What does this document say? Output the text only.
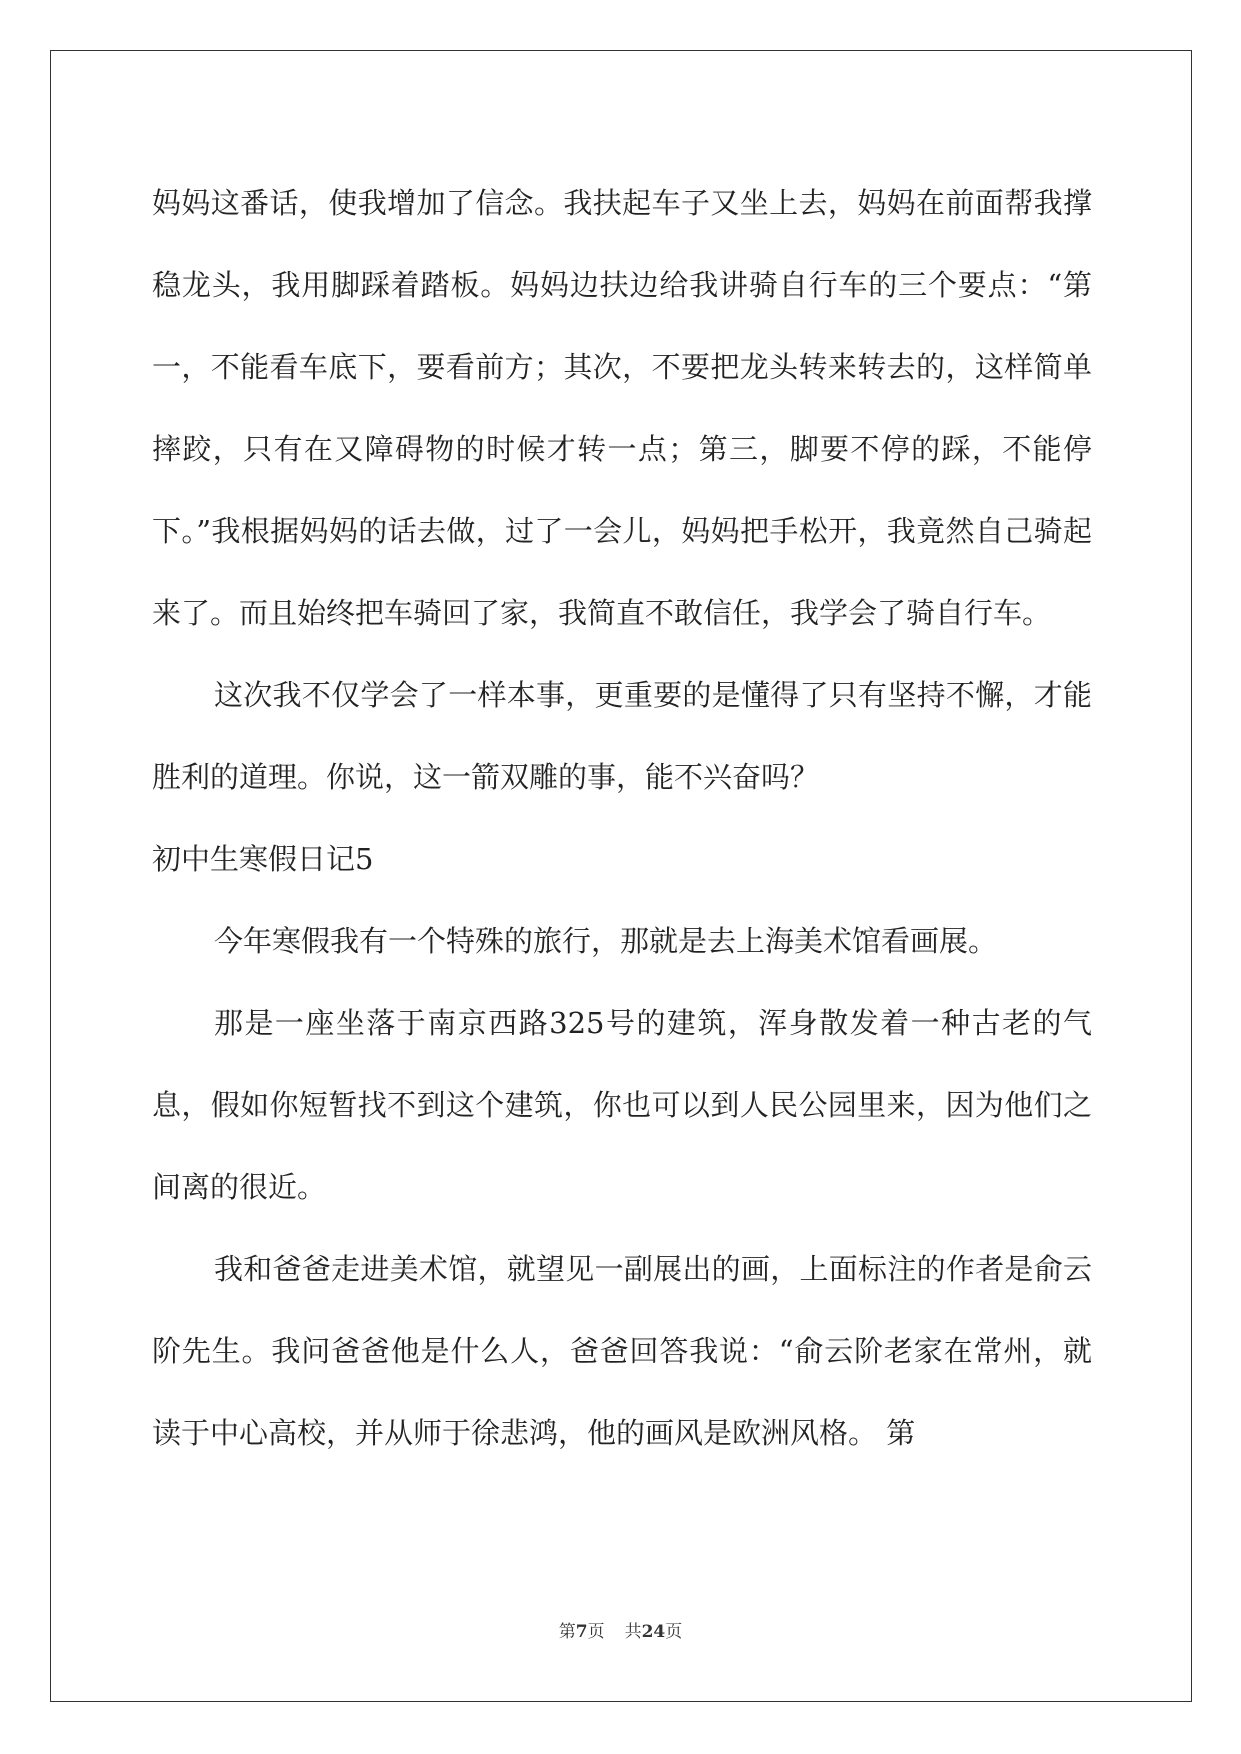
妈妈这番话，使我增加了信念。我扶起车子又坐上去，妈妈在前面帮我撑稳龙头，我用脚踩着踏板。妈妈边扶边给我讲骑自行车的三个要点：“第一，不能看车底下，要看前方；其次，不要把龙头转来转去的，这样简单摔跤，只有在又障碍物的时候才转一点；第三，脚要不停的踩，不能停下。”我根据妈妈的话去做，过了一会儿，妈妈把手松开，我竟然自己骑起来了。而且始终把车骑回了家，我简直不敢信任，我学会了骑自行车。

这次我不仅学会了一样本事，更重要的是懂得了只有坚持不懈，才能胜利的道理。你说，这一箭双雕的事，能不兴奋吗？

初中生寒假日记5

今年寒假我有一个特殊的旅行，那就是去上海美术馆看画展。

那是一座坐落于南京西路325号的建筑，浑身散发着一种古老的气息，假如你短暂找不到这个建筑，你也可以到人民公园里来，因为他们之间离的很近。

我和爸爸走进美术馆，就望见一副展出的画，上面标注的作者是俞云阶先生。我问爸爸他是什么人，爸爸回答我说：“俞云阶老家在常州，就读于中心高校，并从师于徐悲鸿，他的画风是欧洲风格。 第

第7页 共24页
